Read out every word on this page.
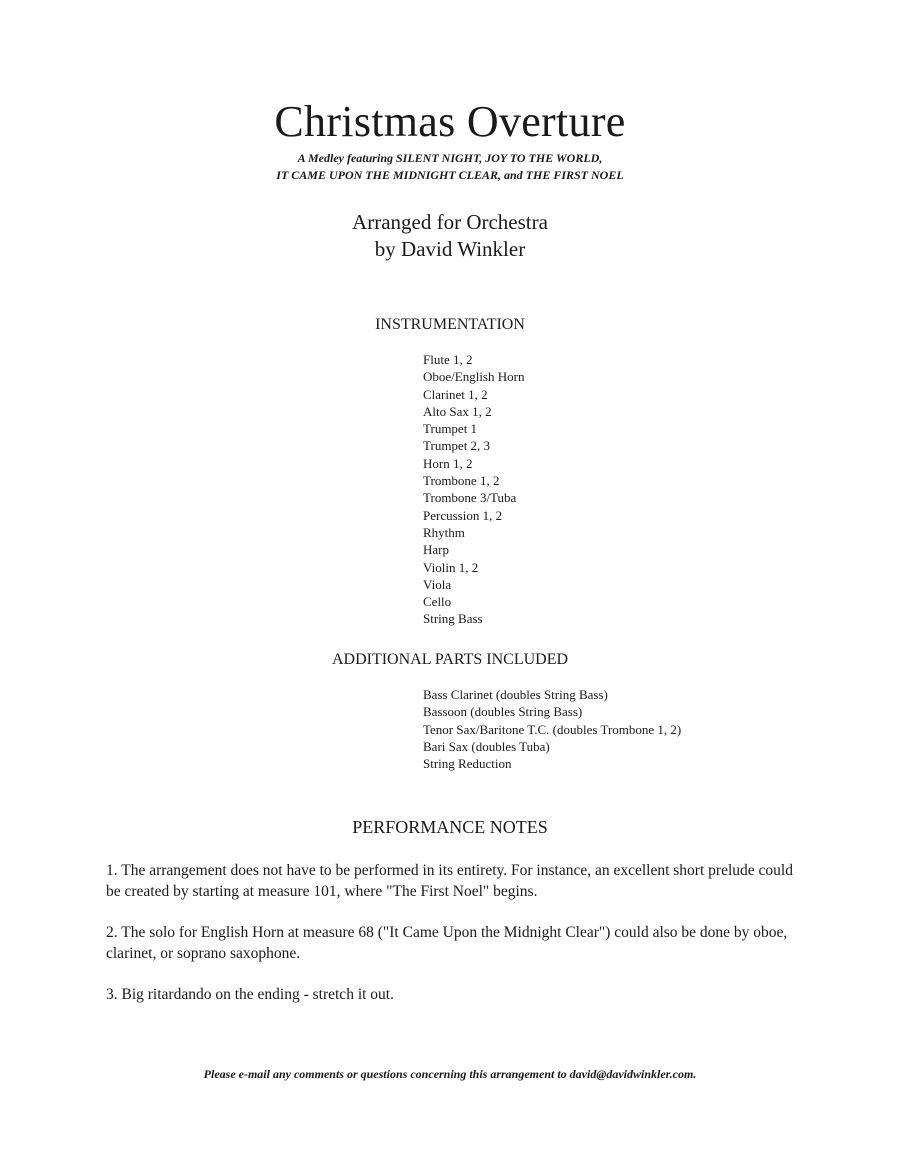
Christmas Overture
A Medley featuring SILENT NIGHT, JOY TO THE WORLD,
IT CAME UPON THE MIDNIGHT CLEAR, and THE FIRST NOEL
Arranged for Orchestra
by David Winkler
INSTRUMENTATION
Flute 1, 2
Oboe/English Horn
Clarinet 1, 2
Alto Sax 1, 2
Trumpet 1
Trumpet 2, 3
Horn 1, 2
Trombone 1, 2
Trombone 3/Tuba
Percussion 1, 2
Rhythm
Harp
Violin 1, 2
Viola
Cello
String Bass
ADDITIONAL PARTS INCLUDED
Bass Clarinet (doubles String Bass)
Bassoon (doubles String Bass)
Tenor Sax/Baritone T.C. (doubles Trombone 1, 2)
Bari Sax (doubles Tuba)
String Reduction
PERFORMANCE NOTES

1. The arrangement does not have to be performed in its entirety. For instance, an excellent short prelude could be created by starting at measure 101, where "The First Noel" begins.

2. The solo for English Horn at measure 68 ("It Came Upon the Midnight Clear") could also be done by oboe, clarinet, or soprano saxophone.

3. Big ritardando on the ending - stretch it out.

Please e-mail any comments or questions concerning this arrangement to david@davidwinkler.com.
